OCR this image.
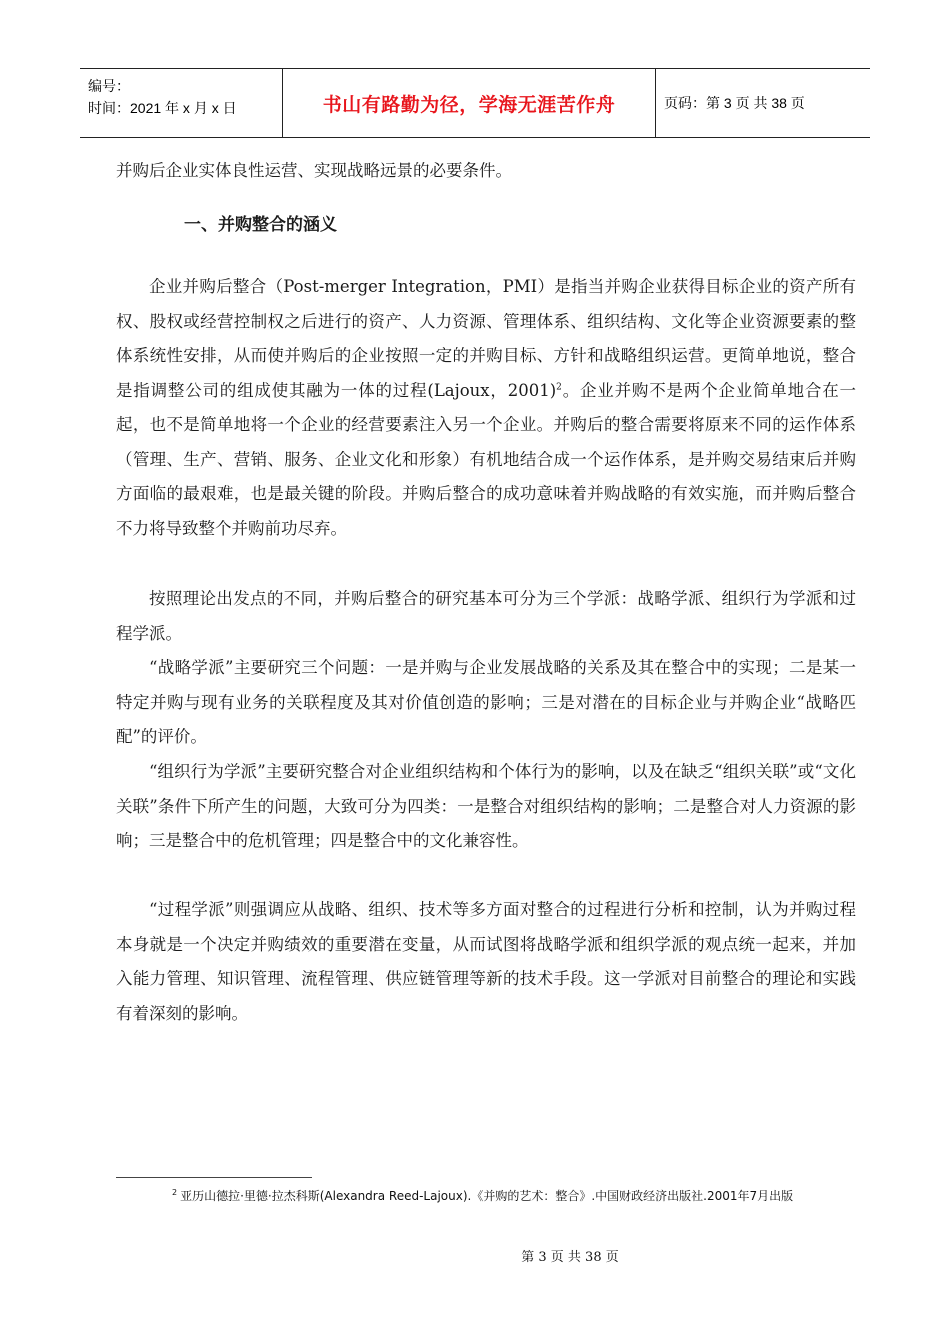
编号：
时间：2021 年 x 月 x 日	书山有路勤为径，学海无涯苦作舟	页码：第 3 页 共 38 页
并购后企业实体良性运营、实现战略远景的必要条件。
一、并购整合的涵义
企业并购后整合（Post-merger Integration，PMI）是指当并购企业获得目标企业的资产所有权、股权或经营控制权之后进行的资产、人力资源、管理体系、组织结构、文化等企业资源要素的整体系统性安排，从而使并购后的企业按照一定的并购目标、方针和战略组织运营。更简单地说，整合是指调整公司的组成使其融为一体的过程(Lajoux，2001)$^2$。企业并购不是两个企业简单地合在一起，也不是简单地将一个企业的经营要素注入另一个企业。并购后的整合需要将原来不同的运作体系（管理、生产、营销、服务、企业文化和形象）有机地结合成一个运作体系，是并购交易结束后并购方面临的最艰难，也是最关键的阶段。并购后整合的成功意味着并购战略的有效实施，而并购后整合不力将导致整个并购前功尽弃。
按照理论出发点的不同，并购后整合的研究基本可分为三个学派：战略学派、组织行为学派和过程学派。
“战略学派”主要研究三个问题：一是并购与企业发展战略的关系及其在整合中的实现；二是某一特定并购与现有业务的关联程度及其对价值创造的影响；三是对潜在的目标企业与并购企业“战略匹配”的评价。
“组织行为学派”主要研究整合对企业组织结构和个体行为的影响，以及在缺乏“组织关联”或“文化关联”条件下所产生的问题，大致可分为四类：一是整合对组织结构的影响；二是整合对人力资源的影响；三是整合中的危机管理；四是整合中的文化兼容性。
“过程学派”则强调应从战略、组织、技术等多方面对整合的过程进行分析和控制，认为并购过程本身就是一个决定并购绩效的重要潜在变量，从而试图将战略学派和组织学派的观点统一起来，并加入能力管理、知识管理、流程管理、供应链管理等新的技术手段。这一学派对目前整合的理论和实践有着深刻的影响。
$^2$ 亚历山德拉·里德·拉杰科斯(Alexandra Reed-Lajoux).《并购的艺术：整合》.中国财政经济出版社.2001年7月出版
第 3 页 共 38 页
